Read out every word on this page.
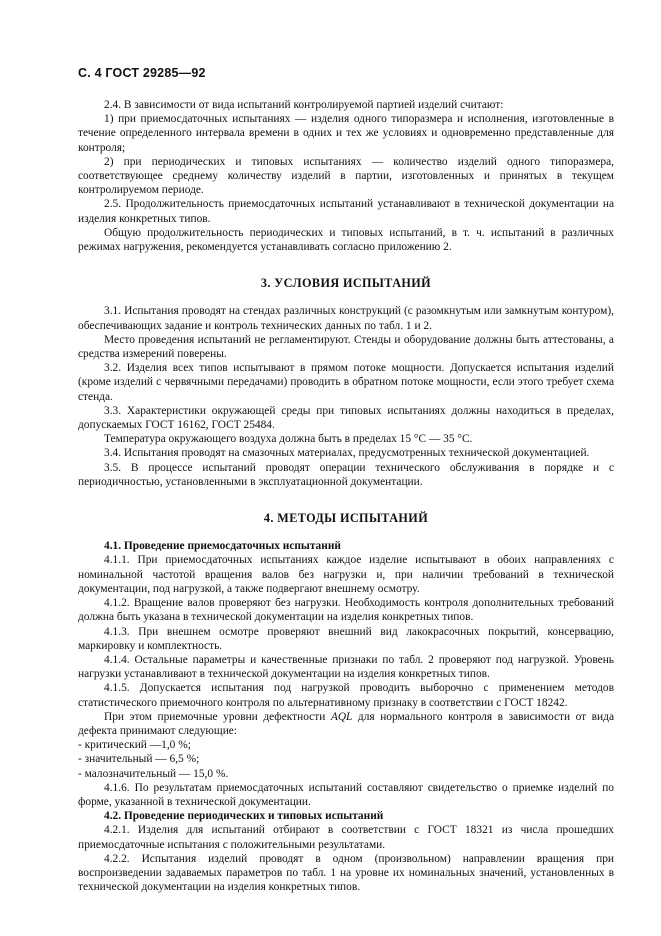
С. 4 ГОСТ 29285—92

2.4. В зависимости от вида испытаний контролируемой партией изделий считают:

1) при приемосдаточных испытаниях — изделия одного типоразмера и исполнения, изготовленные в течение определенного интервала времени в одних и тех же условиях и одновременно представленные для контроля;

2) при периодических и типовых испытаниях — количество изделий одного типоразмера, соответствующее среднему количеству изделий в партии, изготовленных и принятых в текущем контролируемом периоде.

2.5. Продолжительность приемосдаточных испытаний устанавливают в технической документации на изделия конкретных типов.

Общую продолжительность периодических и типовых испытаний, в т. ч. испытаний в различных режимах нагружения, рекомендуется устанавливать согласно приложению 2.

3. УСЛОВИЯ ИСПЫТАНИЙ

3.1. Испытания проводят на стендах различных конструкций (с разомкнутым или замкнутым контуром), обеспечивающих задание и контроль технических данных по табл. 1 и 2.

Место проведения испытаний не регламентируют. Стенды и оборудование должны быть аттестованы, а средства измерений поверены.

3.2. Изделия всех типов испытывают в прямом потоке мощности. Допускается испытания изделий (кроме изделий с червячными передачами) проводить в обратном потоке мощности, если этого требует схема стенда.

3.3. Характеристики окружающей среды при типовых испытаниях должны находиться в пределах, допускаемых ГОСТ 16162, ГОСТ 25484.

Температура окружающего воздуха должна быть в пределах 15 °С — 35 °С.

3.4. Испытания проводят на смазочных материалах, предусмотренных технической документацией.

3.5. В процессе испытаний проводят операции технического обслуживания в порядке и с периодичностью, установленными в эксплуатационной документации.

4. МЕТОДЫ ИСПЫТАНИЙ

4.1. Проведение приемосдаточных испытаний

4.1.1. При приемосдаточных испытаниях каждое изделие испытывают в обоих направлениях с номинальной частотой вращения валов без нагрузки и, при наличии требований в технической документации, под нагрузкой, а также подвергают внешнему осмотру.

4.1.2. Вращение валов проверяют без нагрузки. Необходимость контроля дополнительных требований должна быть указана в технической документации на изделия конкретных типов.

4.1.3. При внешнем осмотре проверяют внешний вид лакокрасочных покрытий, консервацию, маркировку и комплектность.

4.1.4. Остальные параметры и качественные признаки по табл. 2 проверяют под нагрузкой. Уровень нагрузки устанавливают в технической документации на изделия конкретных типов.

4.1.5. Допускается испытания под нагрузкой проводить выборочно с применением методов статистического приемочного контроля по альтернативному признаку в соответствии с ГОСТ 18242.

При этом приемочные уровни дефектности AQL для нормального контроля в зависимости от вида дефекта принимают следующие:

- критический —1,0 %;

- значительный — 6,5 %;

- малозначительный — 15,0 %.

4.1.6. По результатам приемосдаточных испытаний составляют свидетельство о приемке изделий по форме, указанной в технической документации.

4.2. Проведение периодических и типовых испытаний

4.2.1. Изделия для испытаний отбирают в соответствии с ГОСТ 18321 из числа прошедших приемосдаточные испытания с положительными результатами.

4.2.2. Испытания изделий проводят в одном (произвольном) направлении вращения при воспроизведении задаваемых параметров по табл. 1 на уровне их номинальных значений, установленных в технической документации на изделия конкретных типов.
